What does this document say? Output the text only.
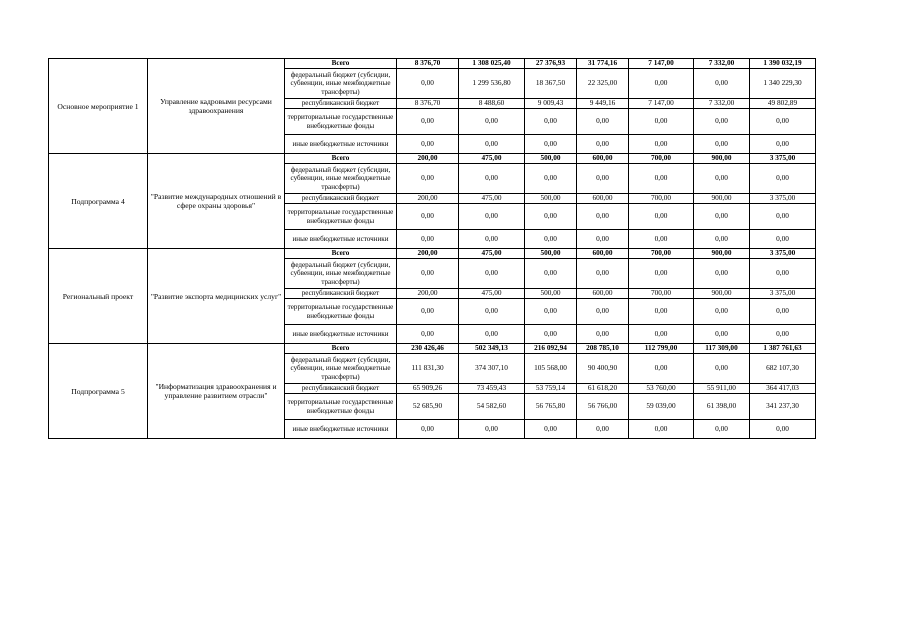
Основное мероприятие 1	Управление кадровыми ресурсами здравоохранения	Всего	8 376,70	1 308 025,40	27 376,93	31 774,16	7 147,00	7 332,00	1 390 032,19
		федеральный бюджет (субсидии, субвенции, иные межбюджетные трансферты)	0,00	1 299 536,80	18 367,50	22 325,00	0,00	0,00	1 340 229,30
		республиканский бюджет	8 376,70	8 488,60	9 009,43	9 449,16	7 147,00	7 332,00	49 802,89
		территориальные государственные внебюджетные фонды	0,00	0,00	0,00	0,00	0,00	0,00	0,00
		иные внебюджетные источники	0,00	0,00	0,00	0,00	0,00	0,00	0,00
Подпрограмма 4	"Развитие международных отношений в сфере охраны здоровья"	Всего	200,00	475,00	500,00	600,00	700,00	900,00	3 375,00
		федеральный бюджет (субсидии, субвенции, иные межбюджетные трансферты)	0,00	0,00	0,00	0,00	0,00	0,00	0,00
		республиканский бюджет	200,00	475,00	500,00	600,00	700,00	900,00	3 375,00
		территориальные государственные внебюджетные фонды	0,00	0,00	0,00	0,00	0,00	0,00	0,00
		иные внебюджетные источники	0,00	0,00	0,00	0,00	0,00	0,00	0,00
Региональный проект	"Развитие экспорта медицинских услуг"	Всего	200,00	475,00	500,00	600,00	700,00	900,00	3 375,00
		федеральный бюджет (субсидии, субвенции, иные межбюджетные трансферты)	0,00	0,00	0,00	0,00	0,00	0,00	0,00
		республиканский бюджет	200,00	475,00	500,00	600,00	700,00	900,00	3 375,00
		территориальные государственные внебюджетные фонды	0,00	0,00	0,00	0,00	0,00	0,00	0,00
		иные внебюджетные источники	0,00	0,00	0,00	0,00	0,00	0,00	0,00
Подпрограмма 5	"Информатизация здравоохранения и управление развитием отрасли"	Всего	230 426,46	502 349,13	216 092,94	208 785,10	112 799,00	117 309,00	1 387 761,63
		федеральный бюджет (субсидии, субвенции, иные межбюджетные трансферты)	111 831,30	374 307,10	105 568,00	90 400,90	0,00	0,00	682 107,30
		республиканский бюджет	65 909,26	73 459,43	53 759,14	61 618,20	53 760,00	55 911,00	364 417,03
		территориальные государственные внебюджетные фонды	52 685,90	54 582,60	56 765,80	56 766,00	59 039,00	61 398,00	341 237,30
		иные внебюджетные источники	0,00	0,00	0,00	0,00	0,00	0,00	0,00
